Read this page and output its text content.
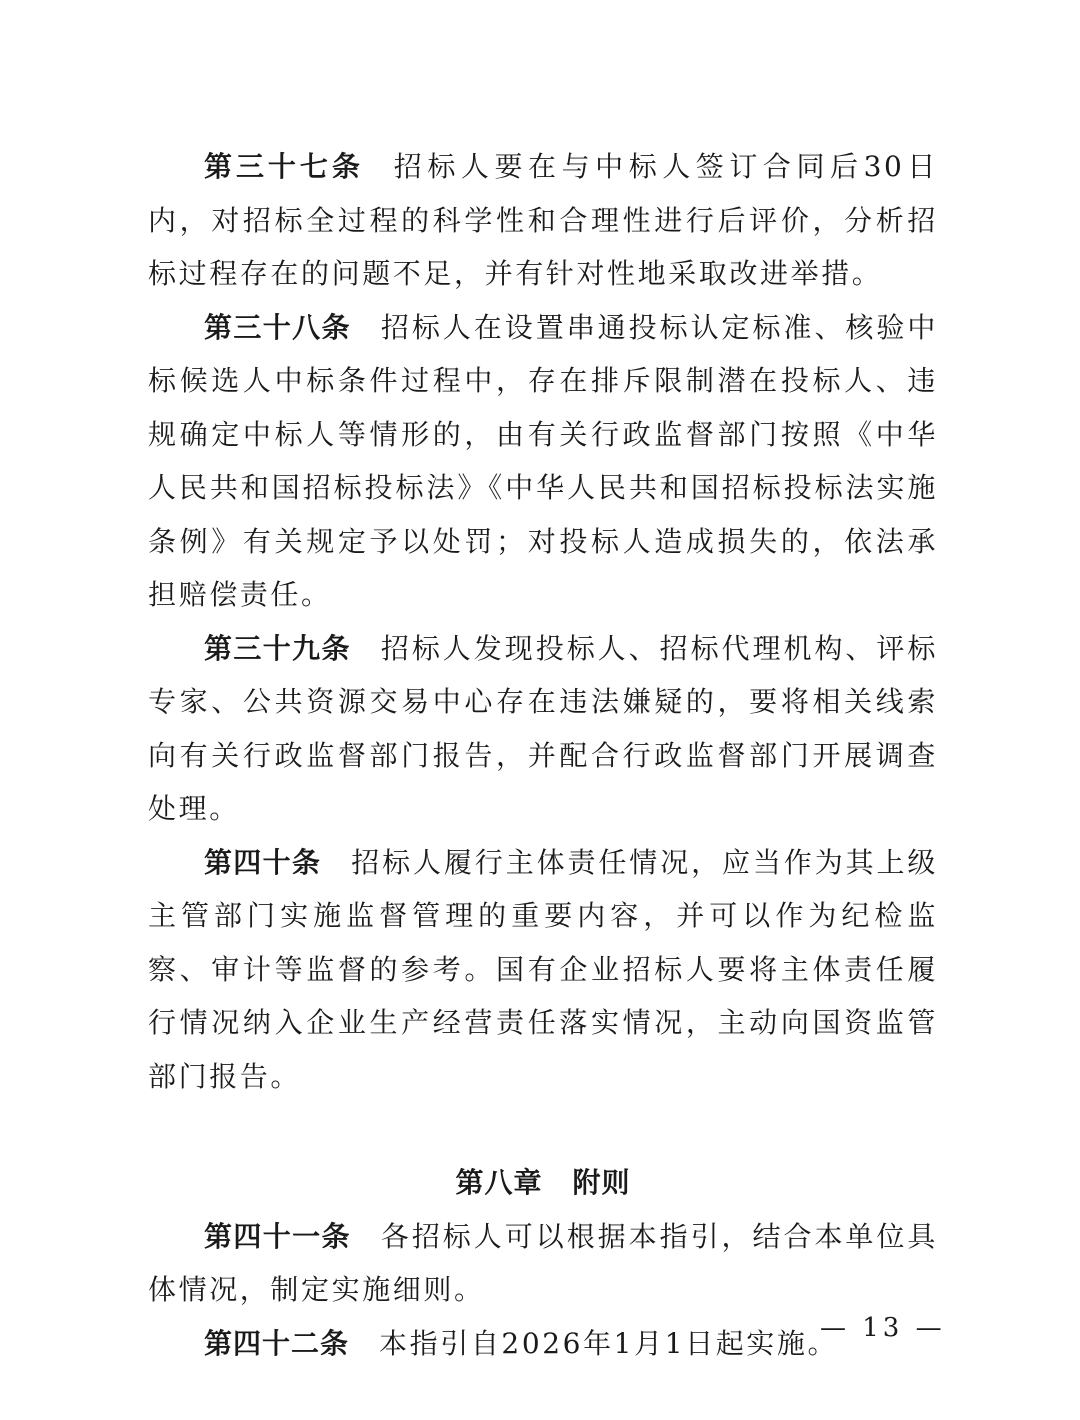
第三十七条 招标人要在与中标人签订合同后30日内，对招标全过程的科学性和合理性进行后评价，分析招标过程存在的问题不足，并有针对性地采取改进举措。

第三十八条 招标人在设置串通投标认定标准、核验中标候选人中标条件过程中，存在排斥限制潜在投标人、违规确定中标人等情形的，由有关行政监督部门按照《中华人民共和国招标投标法》《中华人民共和国招标投标法实施条例》有关规定予以处罚；对投标人造成损失的，依法承担赔偿责任。

第三十九条 招标人发现投标人、招标代理机构、评标专家、公共资源交易中心存在违法嫌疑的，要将相关线索向有关行政监督部门报告，并配合行政监督部门开展调查处理。

第四十条 招标人履行主体责任情况，应当作为其上级主管部门实施监督管理的重要内容，并可以作为纪检监察、审计等监督的参考。国有企业招标人要将主体责任履行情况纳入企业生产经营责任落实情况，主动向国资监管部门报告。

第八章 附则

第四十一条 各招标人可以根据本指引，结合本单位具体情况，制定实施细则。

第四十二条 本指引自2026年1月1日起实施。

— 13 —
